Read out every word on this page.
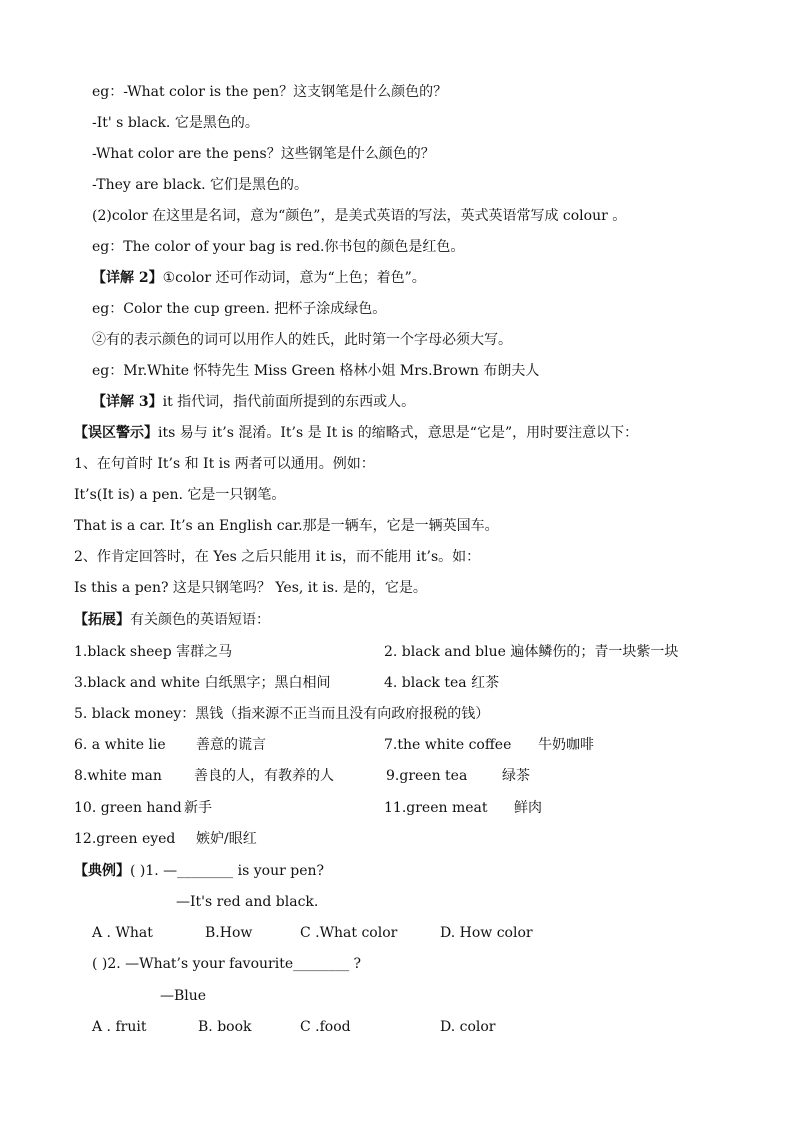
eg：-What color is the pen？这支钢笔是什么颜色的？
-It' s black. 它是黑色的。
-What color are the pens？这些钢笔是什么颜色的？
-They are black. 它们是黑色的。
(2)color 在这里是名词，意为“颜色”，是美式英语的写法，英式英语常写成 colour 。
eg：The color of your bag is red.你书包的颜色是红色。
【详解 2】①color 还可作动词，意为“上色；着色”。
eg：Color the cup green. 把杯子涂成绿色。
②有的表示颜色的词可以用作人的姓氏，此时第一个字母必须大写。
eg：Mr.White 怀特先生 Miss Green 格林小姐 Mrs.Brown 布朗夫人
【详解 3】it 指代词，指代前面所提到的东西或人。
【误区警示】its 易与 it’s 混淆。It’s 是 It is 的缩略式，意思是“它是”，用时要注意以下：
1、在句首时 It’s 和 It is 两者可以通用。例如：
It’s(It is) a pen. 它是一只钢笔。
That is a car. It’s an English car.那是一辆车，它是一辆英国车。
2、作肯定回答时，在 Yes 之后只能用 it is，而不能用 it’s。如：
Is this a pen? 这是只钢笔吗？ Yes, it is. 是的，它是。
【拓展】有关颜色的英语短语：
1.black sheep 害群之马	2. black and blue 遍体鳞伤的；青一块紫一块
3.black and white 白纸黑字；黑白相间	4. black tea 红茶
5. black money：黑钱（指来源不正当而且没有向政府报税的钱）
6. a white lie 善意的谎言	7.the white coffee 牛奶咖啡
8.white man 善良的人，有教养的人	9.green tea 绿茶
10. green hand 新手	11.green meat 鲜肉
12.green eyed 嫉妒/眼红
【典例】( )1. —________ is your pen?
—It's red and black.
A . What	B.How	C .What color	D. How color
( )2. —What’s your favourite________ ?
—Blue
A . fruit	B. book	C .food	D. color
